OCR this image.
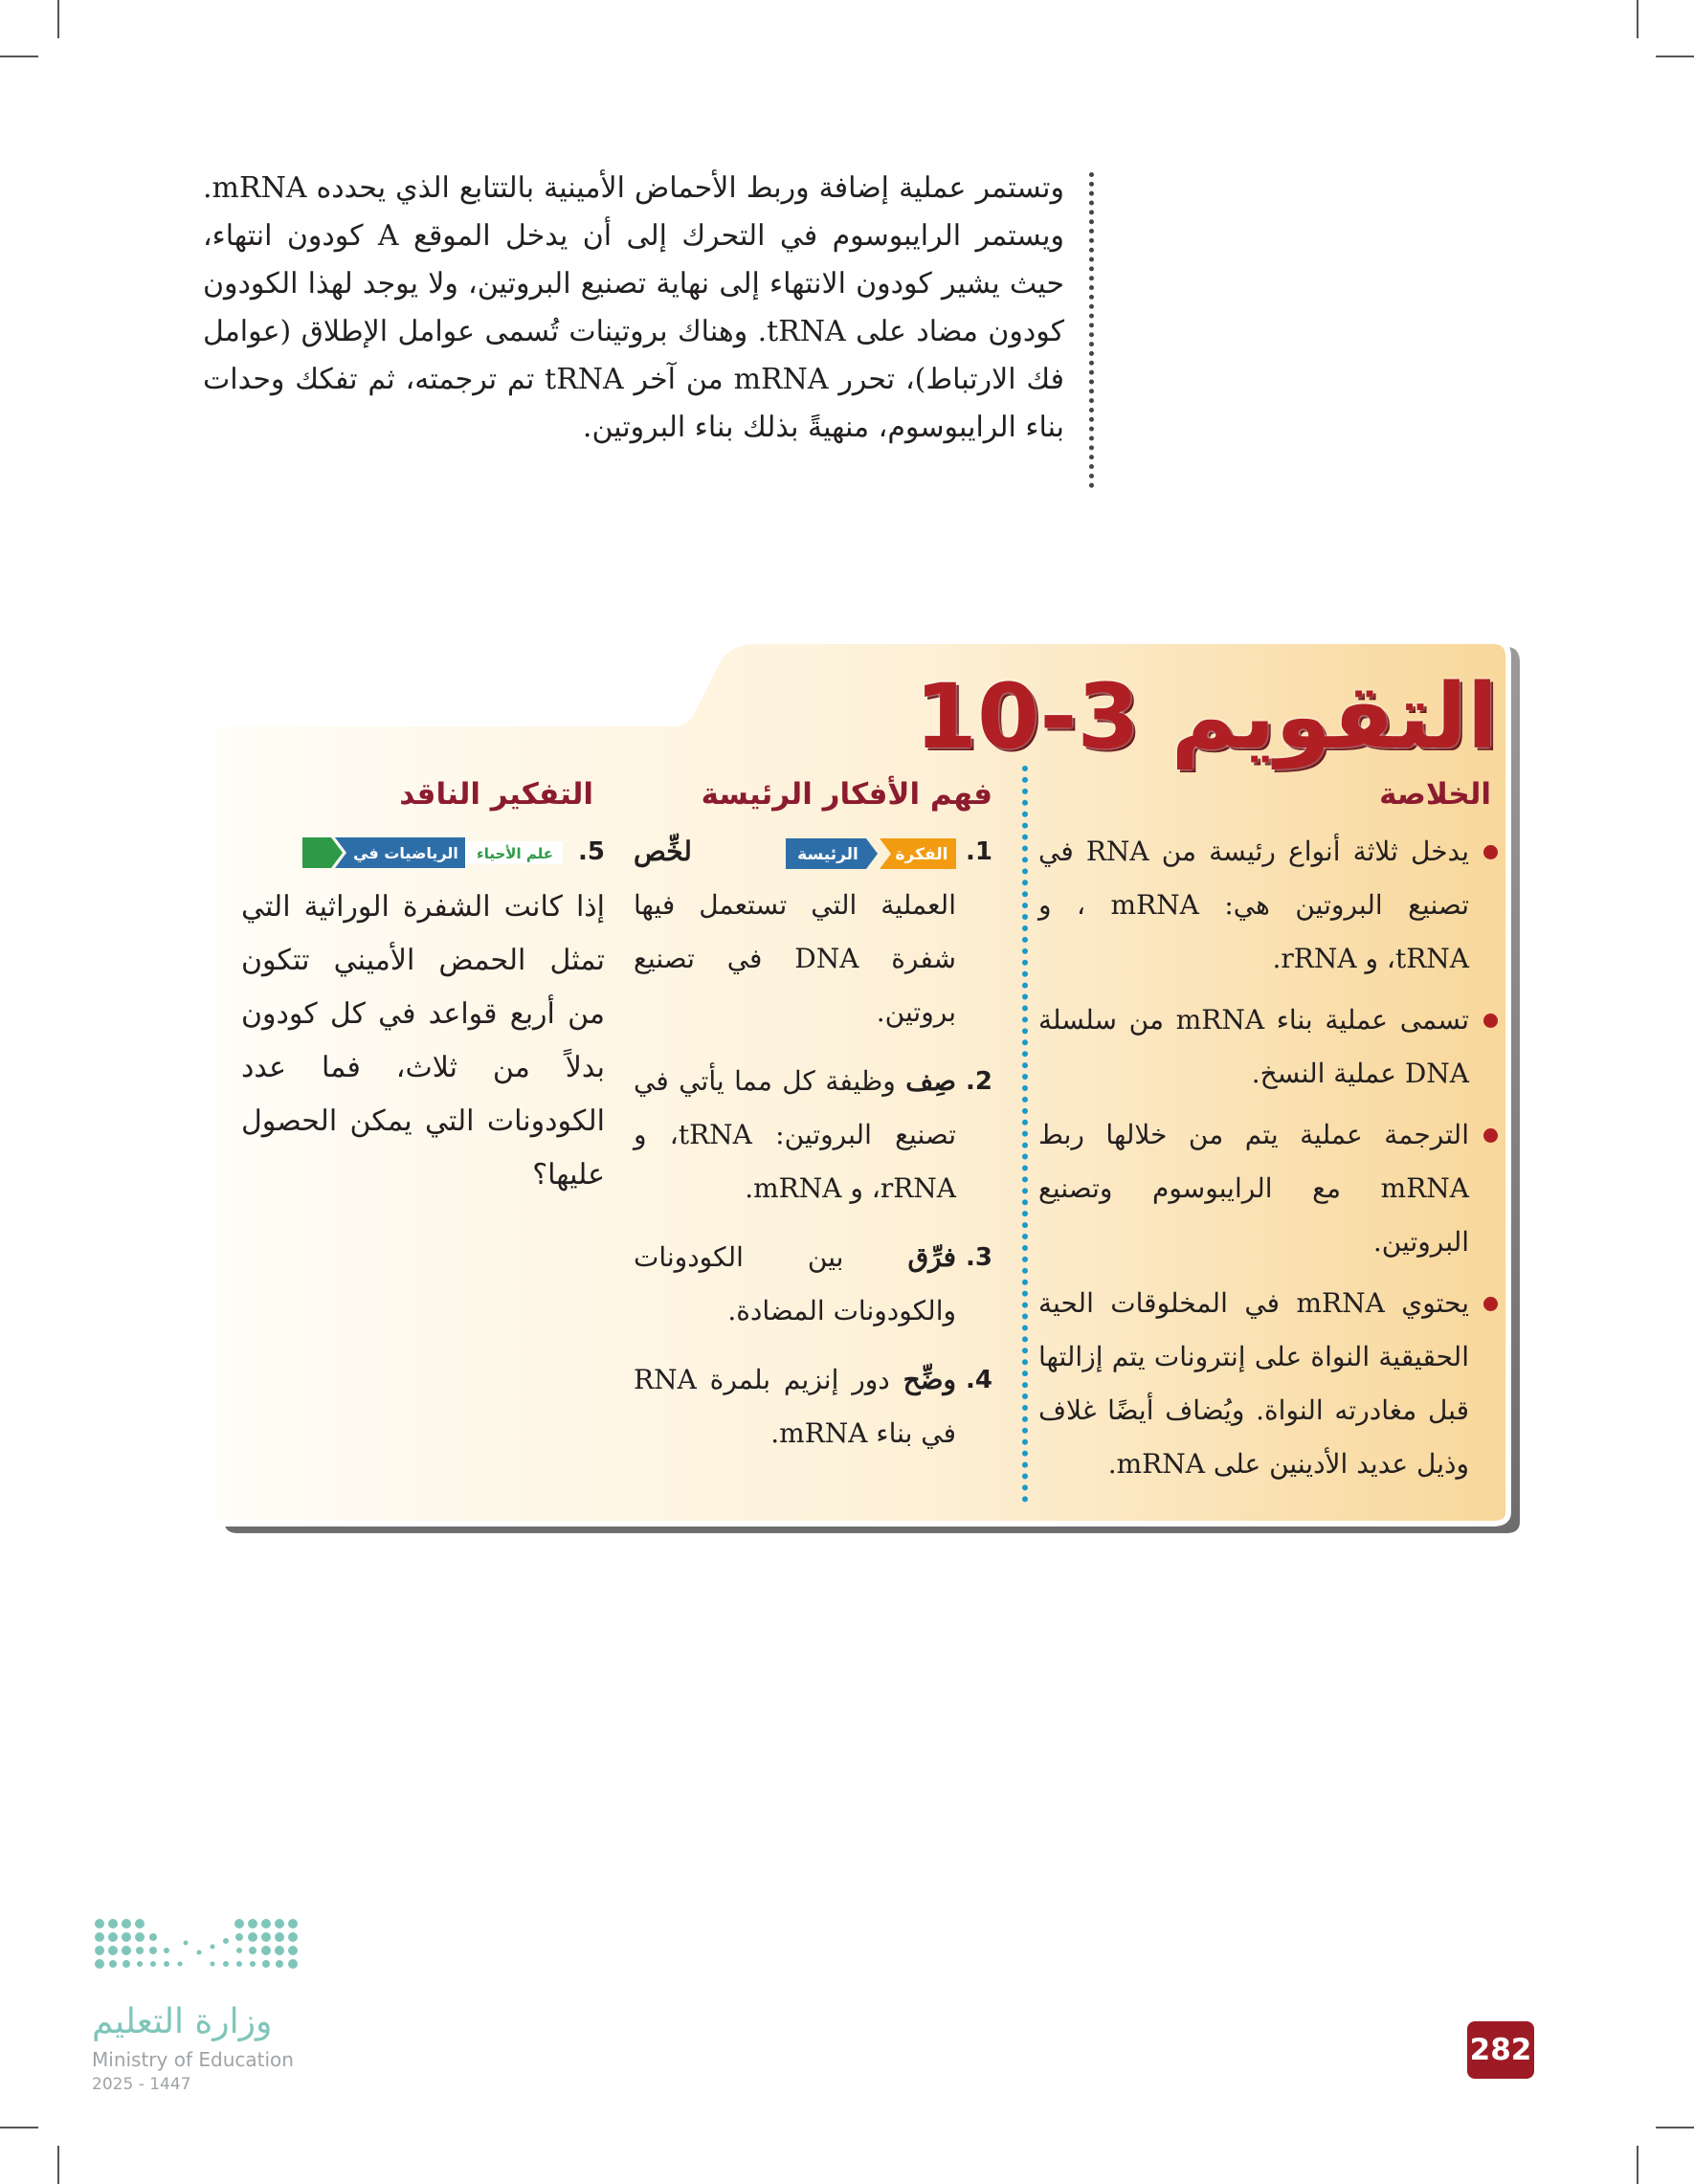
وتستمر عملية إضافة وربط الأحماض الأمينية بالتتابع الذي يحدده mRNA. ويستمر الرايبوسوم في التحرك إلى أن يدخل الموقع A كودون انتهاء، حيث يشير كودون الانتهاء إلى نهاية تصنيع البروتين، ولا يوجد لهذا الكودون كودون مضاد على tRNA. وهناك بروتينات تُسمى عوامل الإطلاق (عوامل فك الارتباط)، تحرر mRNA من آخر tRNA تم ترجمته، ثم تفكك وحدات بناء الرايبوسوم، منهيةً بذلك بناء البروتين.

التقويم 3-10
الخلاصة
يدخل ثلاثة أنواع رئيسة من RNA في تصنيع البروتين هي: mRNA ، و tRNA، و rRNA.
تسمى عملية بناء mRNA من سلسلة DNA عملية النسخ.
الترجمة عملية يتم من خلالها ربط mRNA مع الرايبوسوم وتصنيع البروتين.
يحتوي mRNA في المخلوقات الحية الحقيقية النواة على إنترونات يتم إزالتها قبل مغادرته النواة. ويُضاف أيضًا غلاف وذيل عديد الأدينين على mRNA.
فهم الأفكار الرئيسة
1.
الرئيسة الفكرة
لخِّص العملية التي تستعمل فيها شفرة DNA في تصنيع بروتين.
2.
صِف وظيفة كل مما يأتي في تصنيع البروتين: tRNA، و rRNA، و mRNA.
3.
فرِّق بين الكودونات والكودونات المضادة.
4.
وضِّح دور إنزيم بلمرة RNA في بناء mRNA.
التفكير الناقد
5.
الرياضيات في علم الأحياء

إذا كانت الشفرة الوراثية التي تمثل الحمض الأميني تتكون من أربع قواعد في كل كودون بدلاً من ثلاث، فما عدد الكودونات التي يمكن الحصول عليها؟

282
وزارة التعليم
Ministry of Education
2025 - 1447
